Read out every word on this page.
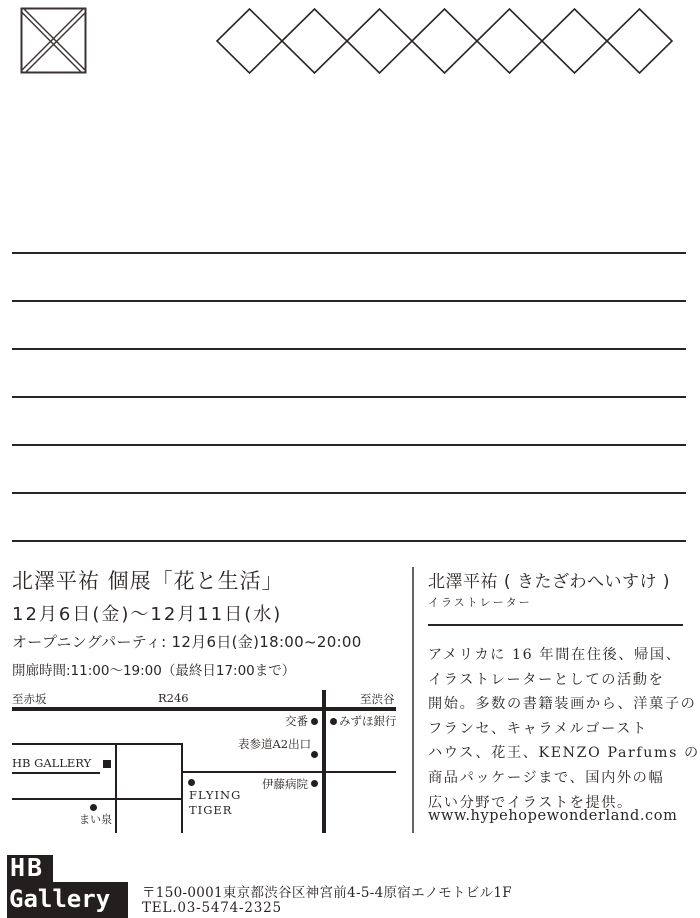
北澤平祐 個展「花と生活」
12月6日(金)～12月11日(水)
オープニングパーティ: 12月6日(金)18:00~20:00
開廊時間:11:00～19:00（最終日17:00まで）
至赤坂	R246	至渋谷
交番	みずほ銀行
表参道A2出口
HB GALLERY
伊藤病院
FLYING
TIGER
まい泉
北澤平祐 ( きたざわへいすけ )
イラストレーター
アメリカに 16 年間在住後、帰国、
イラストレーターとしての活動を
開始。多数の書籍装画から、洋菓子の
フランセ、キャラメルゴースト
ハウス、花王、KENZO Parfums の
商品パッケージまで、国内外の幅
広い分野でイラストを提供。
www.hypehopewonderland.com
HB
Gallery 〒150-0001東京都渋谷区神宮前4-5-4原宿エノモトビル1F
TEL.03-5474-2325
